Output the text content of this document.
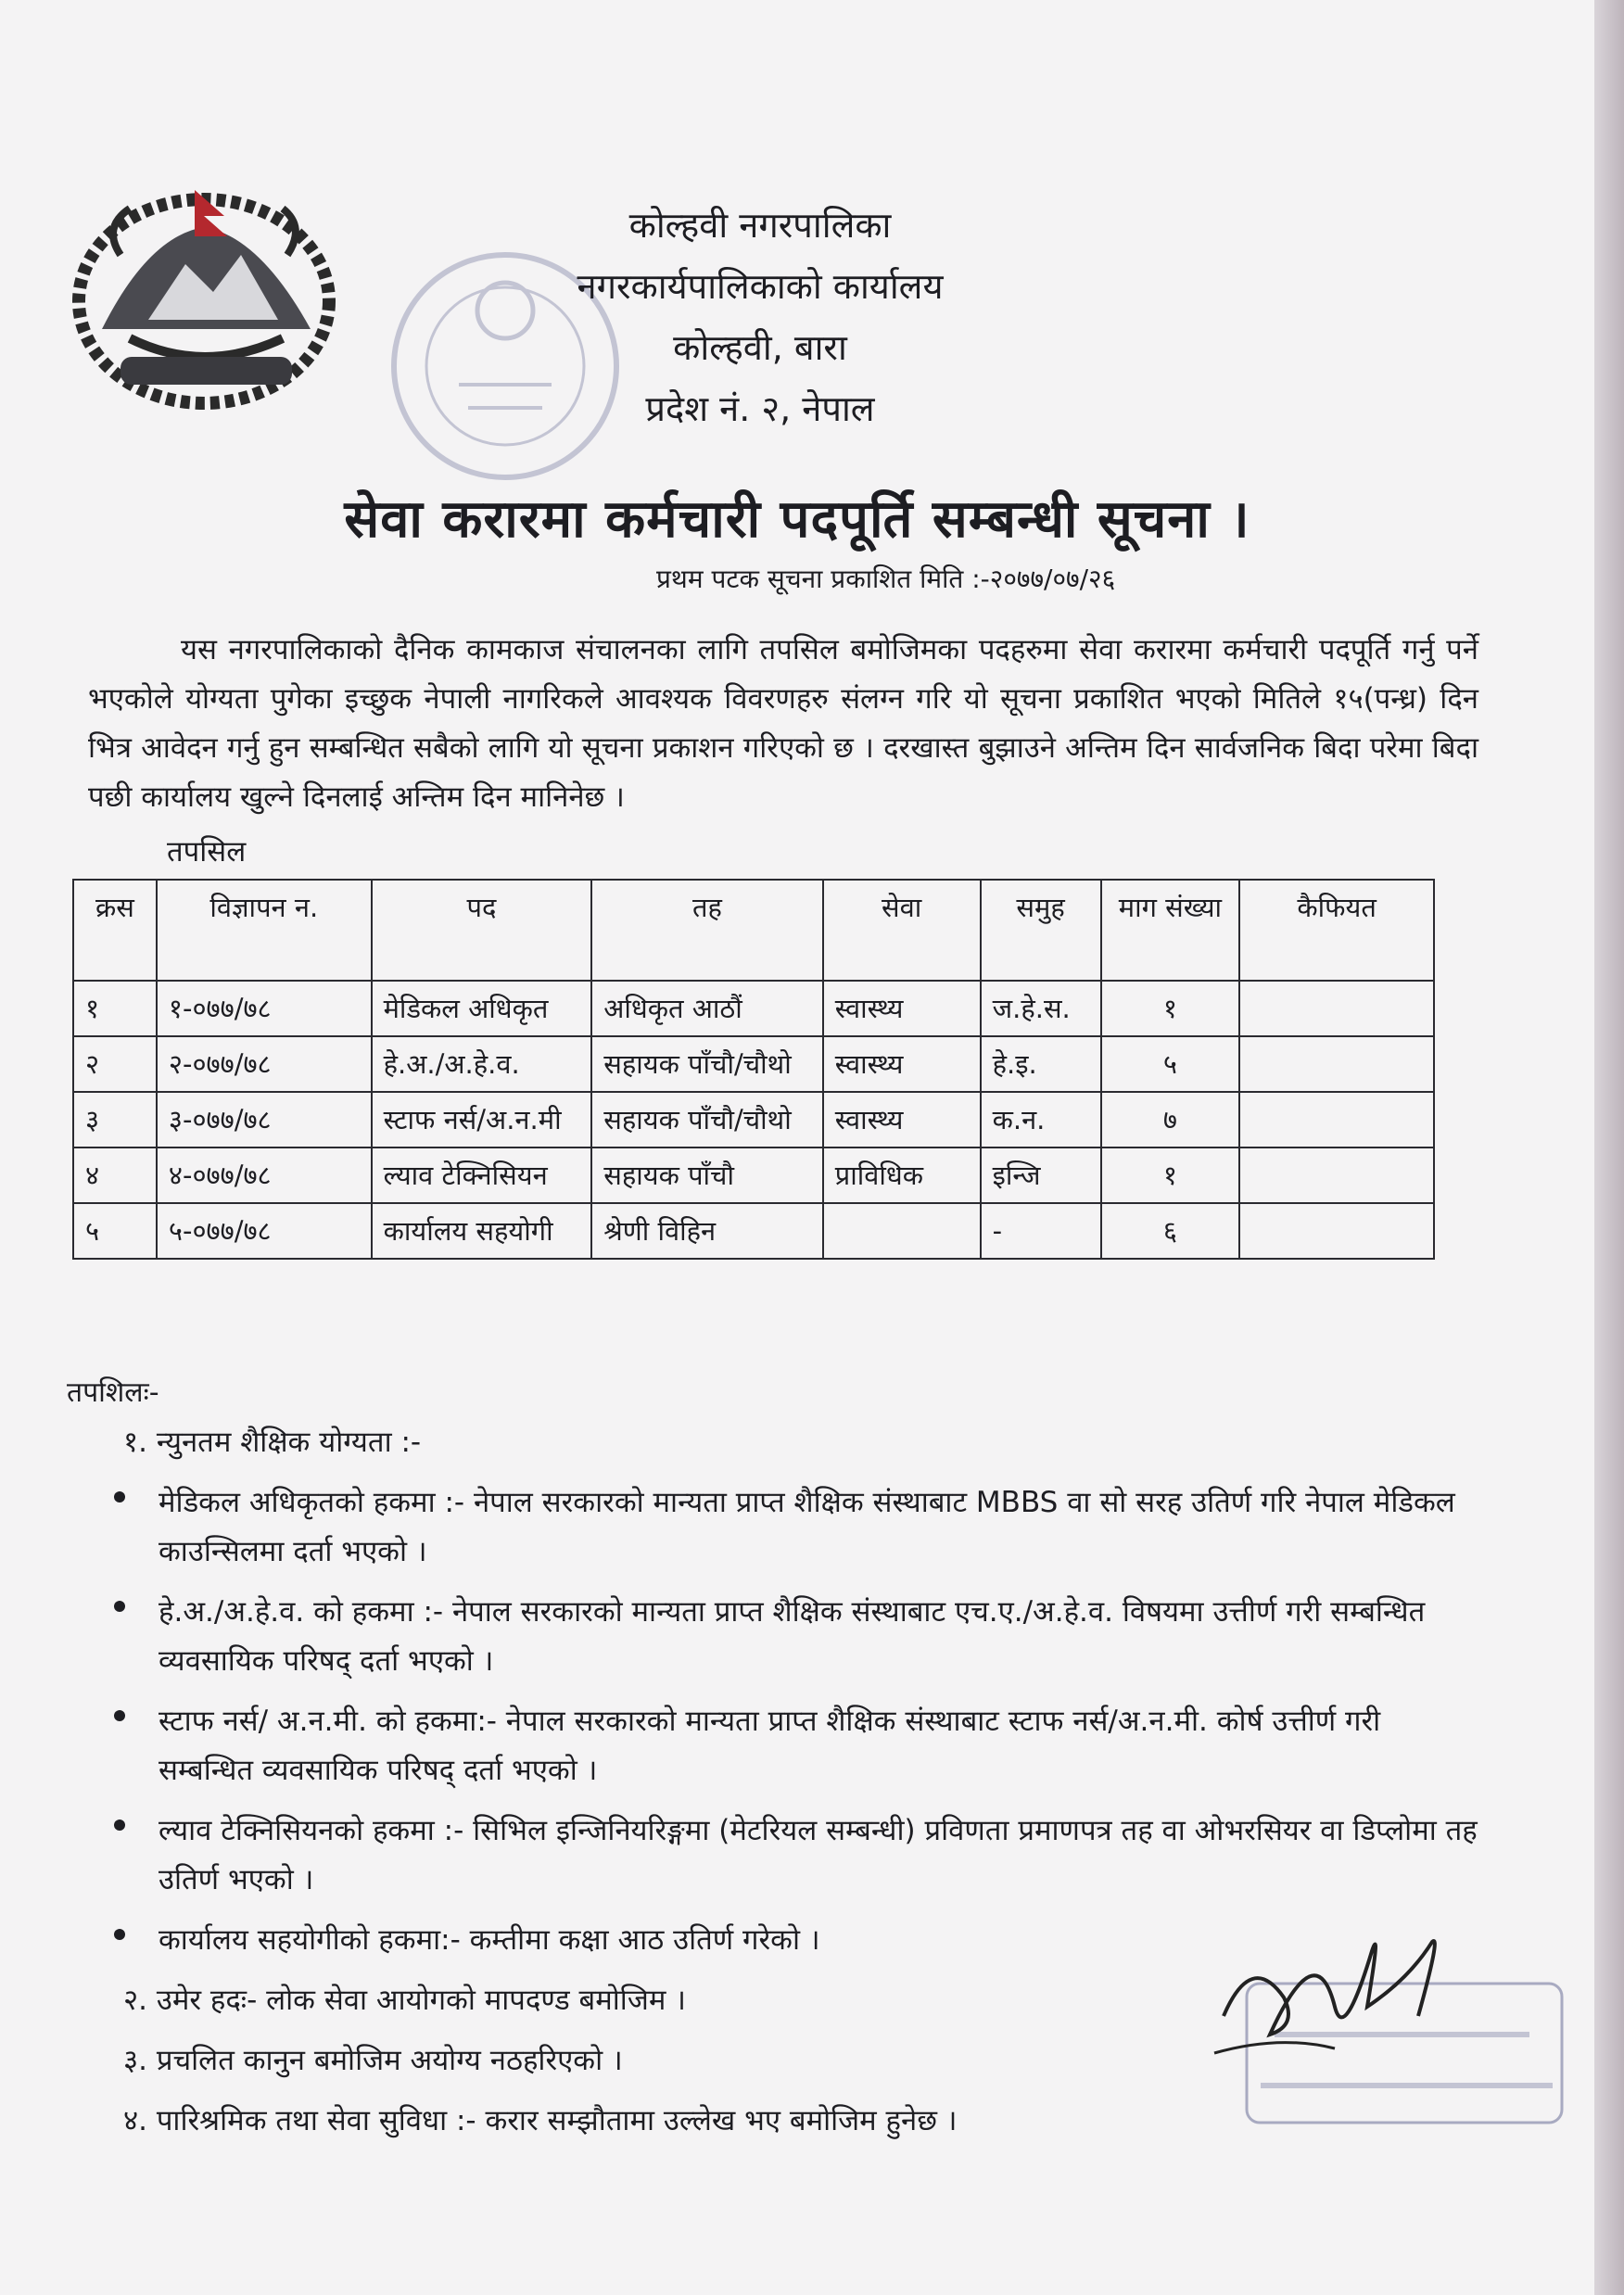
कोल्हवी नगरपालिका
नगरकार्यपालिकाको कार्यालय
कोल्हवी, बारा
प्रदेश नं. २, नेपाल
सेवा करारमा कर्मचारी पदपूर्ति सम्बन्धी सूचना ।
प्रथम पटक सूचना प्रकाशित मिति :-२०७७/०७/२६
यस नगरपालिकाको दैनिक कामकाज संचालनका लागि तपसिल बमोजिमका पदहरुमा सेवा करारमा कर्मचारी पदपूर्ति गर्नु पर्ने भएकोले योग्यता पुगेका इच्छुक नेपाली नागरिकले आवश्यक विवरणहरु संलग्न गरि यो सूचना प्रकाशित भएको मितिले १५(पन्ध्र) दिन भित्र आवेदन गर्नु हुन सम्बन्धित सबैको लागि यो सूचना प्रकाशन गरिएको छ । दरखास्त बुझाउने अन्तिम दिन सार्वजनिक बिदा परेमा बिदा पछी कार्यालय खुल्ने दिनलाई अन्तिम दिन मानिनेछ ।
तपसिल
क्रस	विज्ञापन न.	पद	तह	सेवा	समुह	माग संख्या	कैफियत
१	१-०७७/७८	मेडिकल अधिकृत	अधिकृत आठौं	स्वास्थ्य	ज.हे.स.	१	
२	२-०७७/७८	हे.अ./अ.हे.व.	सहायक पाँचौ/चौथो	स्वास्थ्य	हे.इ.	५	
३	३-०७७/७८	स्टाफ नर्स/अ.न.मी	सहायक पाँचौ/चौथो	स्वास्थ्य	क.न.	७	
४	४-०७७/७८	ल्याव टेक्निसियन	सहायक पाँचौ	प्राविधिक	इन्जि	१	
५	५-०७७/७८	कार्यालय सहयोगी	श्रेणी विहिन		-	६	
तपशिलः-
१. न्युनतम शैक्षिक योग्यता :-
मेडिकल अधिकृतको हकमा :- नेपाल सरकारको मान्यता प्राप्त शैक्षिक संस्थाबाट MBBS वा सो सरह उतिर्ण गरि नेपाल मेडिकल काउन्सिलमा दर्ता भएको ।
हे.अ./अ.हे.व. को हकमा :- नेपाल सरकारको मान्यता प्राप्त शैक्षिक संस्थाबाट एच.ए./अ.हे.व. विषयमा उत्तीर्ण गरी सम्बन्धित व्यवसायिक परिषद् दर्ता भएको ।
स्टाफ नर्स/ अ.न.मी. को हकमा:- नेपाल सरकारको मान्यता प्राप्त शैक्षिक संस्थाबाट स्टाफ नर्स/अ.न.मी. कोर्ष उत्तीर्ण गरी सम्बन्धित व्यवसायिक परिषद् दर्ता भएको ।
ल्याव टेक्निसियनको हकमा :- सिभिल इन्जिनियरिङ्गमा (मेटरियल सम्बन्धी) प्रविणता प्रमाणपत्र तह वा ओभरसियर वा डिप्लोमा तह उतिर्ण भएको ।
कार्यालय सहयोगीको हकमा:- कम्तीमा कक्षा आठ उतिर्ण गरेको ।
२. उमेर हदः- लोक सेवा आयोगको मापदण्ड बमोजिम ।
३. प्रचलित कानुन बमोजिम अयोग्य नठहरिएको ।
४. पारिश्रमिक तथा सेवा सुविधा :- करार सम्झौतामा उल्लेख भए बमोजिम हुनेछ ।
